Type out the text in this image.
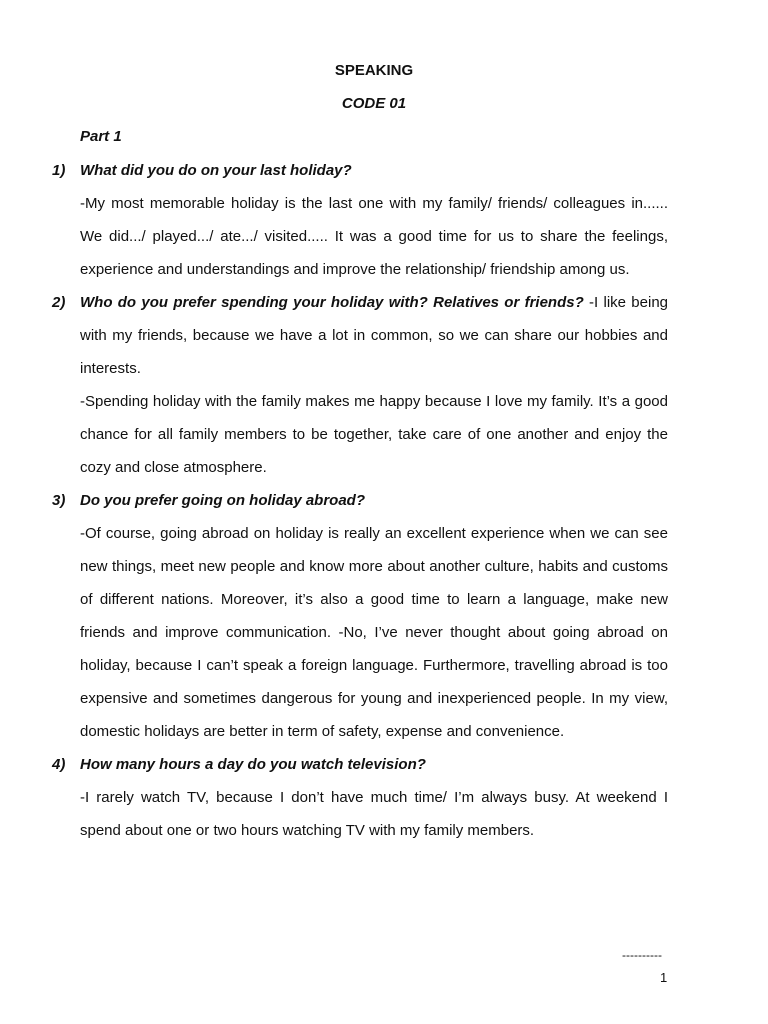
SPEAKING
CODE 01
Part 1
1) What did you do on your last holiday?
-My most memorable holiday is the last one with my family/ friends/ colleagues in...... We did.../ played.../ ate.../ visited..... It was a good time for us to share the feelings, experience and understandings and improve the relationship/ friendship among us.
2) Who do you prefer spending your holiday with? Relatives or friends? -I like being with my friends, because we have a lot in common, so we can share our hobbies and interests.
-Spending holiday with the family makes me happy because I love my family. It’s a good chance for all family members to be together, take care of one another and enjoy the cozy and close atmosphere.
3) Do you prefer going on holiday abroad?
-Of course, going abroad on holiday is really an excellent experience when we can see new things, meet new people and know more about another culture, habits and customs of different nations. Moreover, it’s also a good time to learn a language, make new friends and improve communication. -No, I’ve never thought about going abroad on holiday, because I can’t speak a foreign language. Furthermore, travelling abroad is too expensive and sometimes dangerous for young and inexperienced people. In my view, domestic holidays are better in term of safety, expense and convenience.
4) How many hours a day do you watch television?
-I rarely watch TV, because I don’t have much time/ I’m always busy. At weekend I spend about one or two hours watching TV with my family members.
----------
1
